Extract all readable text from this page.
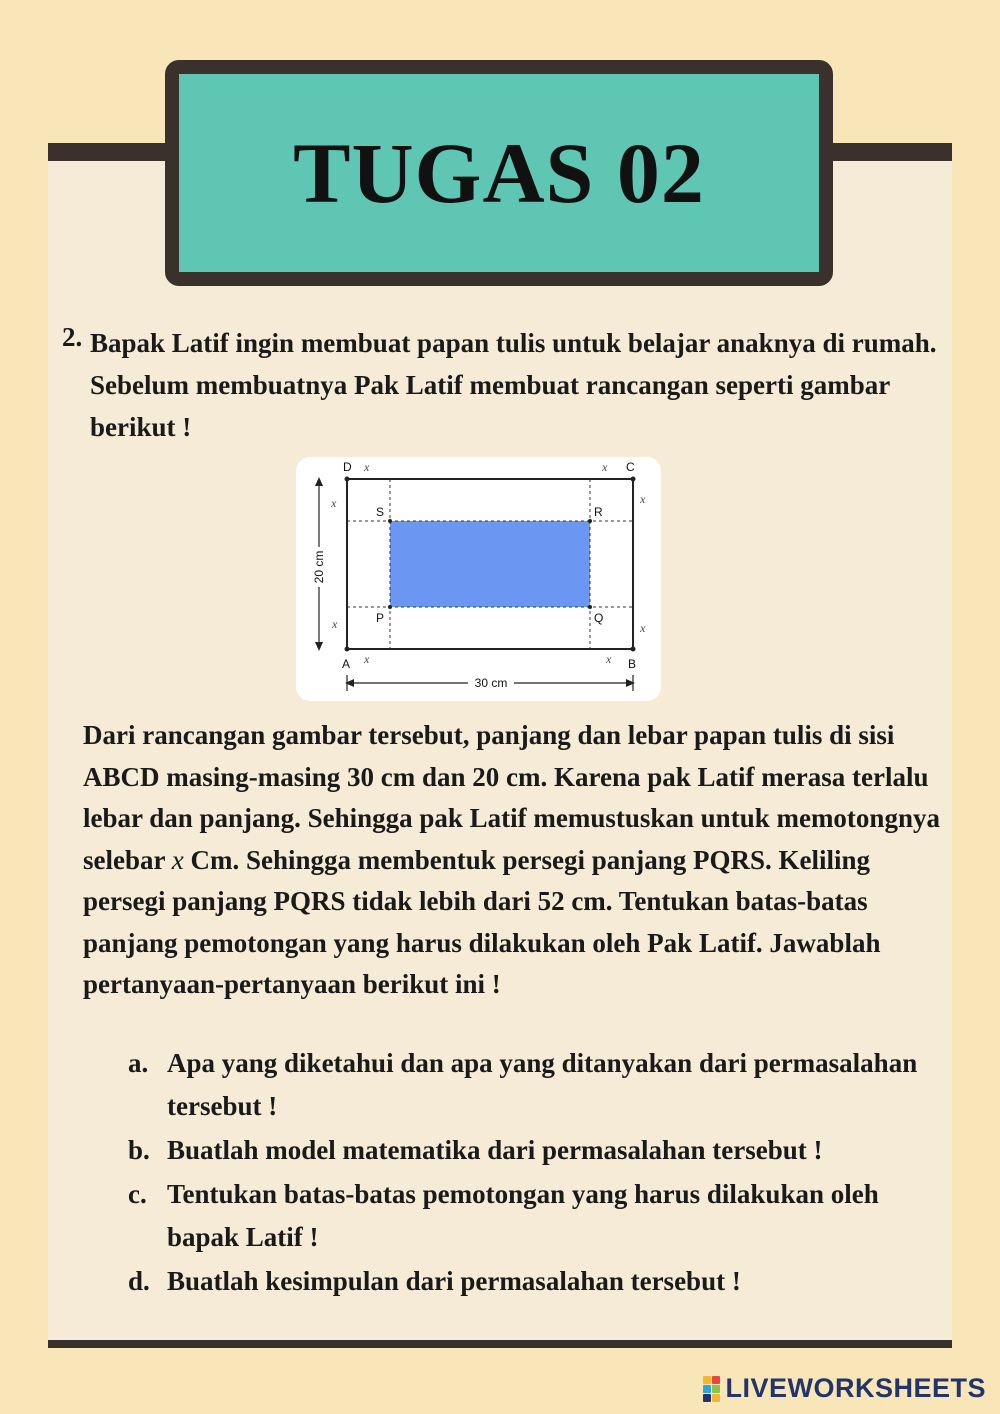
TUGAS 02
2. Bapak Latif ingin membuat papan tulis untuk belajar anaknya di rumah. Sebelum membuatnya Pak Latif membuat rancangan seperti gambar berikut !

D	C
A	B
S	R
P	Q
x	x
x	x
x	x
x	x
20 cm
30 cm

Dari rancangan gambar tersebut, panjang dan lebar papan tulis di sisi ABCD masing-masing 30 cm dan 20 cm. Karena pak Latif merasa terlalu lebar dan panjang. Sehingga pak Latif memustuskan untuk memotongnya selebar x Cm. Sehingga membentuk persegi panjang PQRS. Keliling persegi panjang PQRS tidak lebih dari 52 cm. Tentukan batas-batas panjang pemotongan yang harus dilakukan oleh Pak Latif. Jawablah pertanyaan-pertanyaan berikut ini !

a. Apa yang diketahui dan apa yang ditanyakan dari permasalahan tersebut !
b. Buatlah model matematika dari permasalahan tersebut !
c. Tentukan batas-batas pemotongan yang harus dilakukan oleh bapak Latif !
d. Buatlah kesimpulan dari permasalahan tersebut !
LIVEWORKSHEETS
